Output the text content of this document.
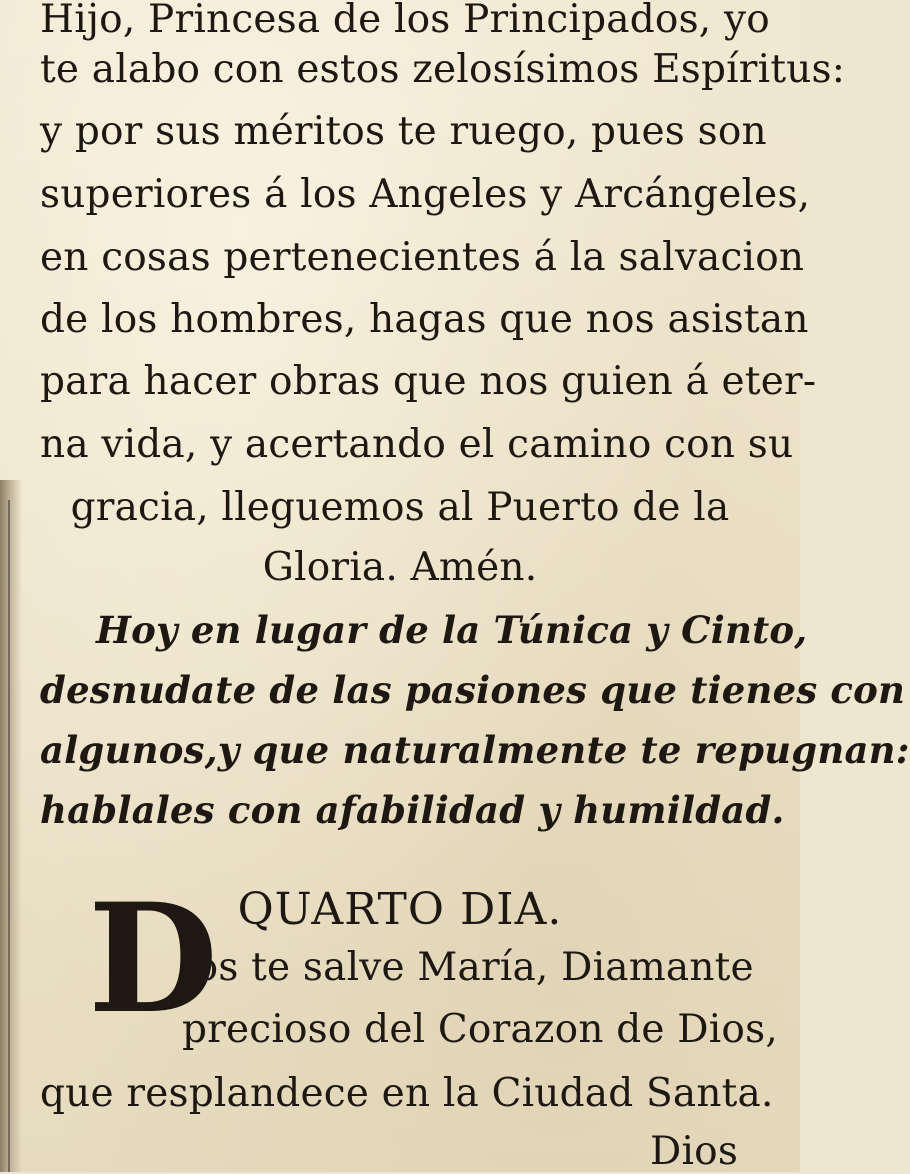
Hijo, Princesa de los Principados, yo
te alabo con estos zelosísimos Espíritus:
y por sus méritos te ruego, pues son
superiores á los Angeles y Arcángeles,
en cosas pertenecientes á la salvacion
de los hombres, hagas que nos asistan
para hacer obras que nos guien á eter-
na vida, y acertando el camino con su
gracia, lleguemos al Puerto de la
Gloria. Amén.
Hoy en lugar de la Túnica y Cinto,
desnudate de las pasiones que tienes con
algunos,y que naturalmente te repugnan:
hablales con afabilidad y humildad.
QUARTO DIA.
D
ios te salve María, Diamante
precioso del Corazon de Dios,
que resplandece en la Ciudad Santa.
Dios
